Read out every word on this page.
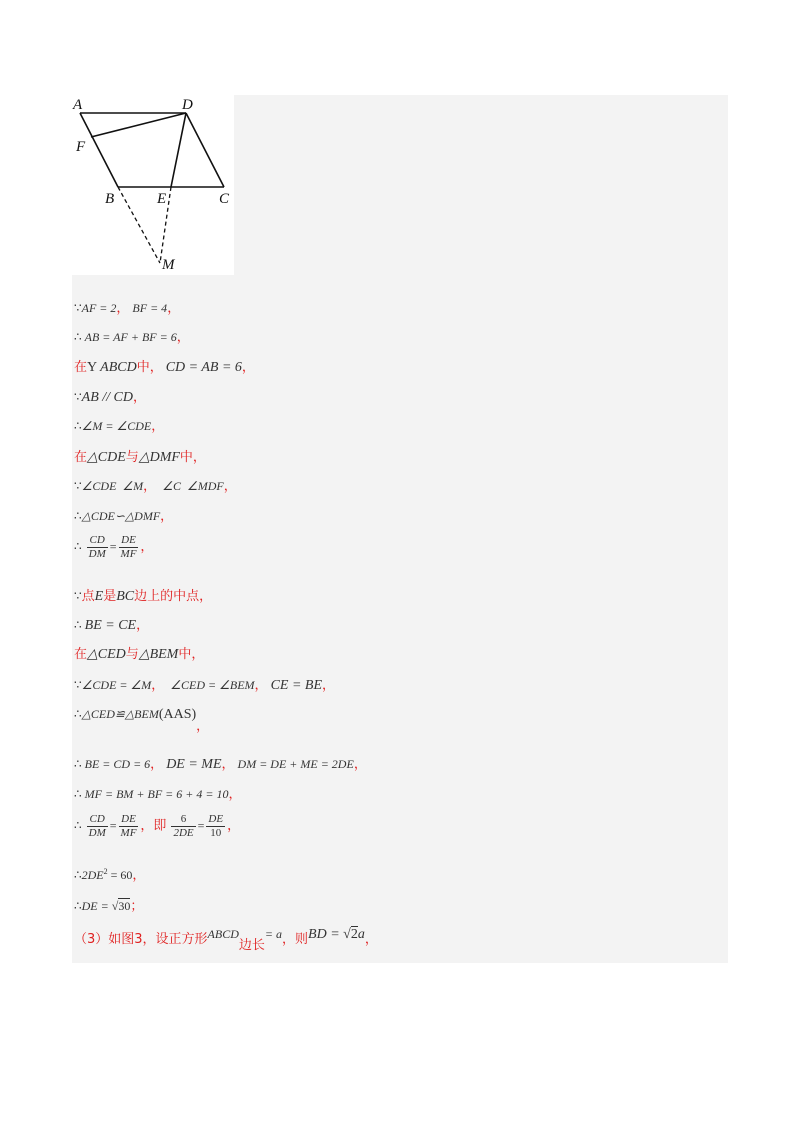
A	D
F
B	E	C
M
∵AF = 2， BF = 4，
∴ AB = AF + BF = 6，
在Y ABCD中， CD = AB = 6，
∵AB // CD，
∴∠M = ∠CDE，
在△CDE与△DMF中，
∵∠CDE ∠M， ∠C ∠MDF，
∴△CDE∽△DMF，
∴ $\frac{CD}{DM} = \frac{DE}{MF}$ ，
∵点E是BC边上的中点，
∴ BE = CE，
在△CED与△BEM中，
∵∠CDE = ∠M， ∠CED = ∠BEM， CE = BE，
∴△CED≌△BEM(AAS)，
∴ BE = CD = 6， DE = ME， DM = DE + ME = 2DE，
∴ MF = BM + BF = 6 + 4 = 10，
∴ $\frac{CD}{DM} = \frac{DE}{MF}$ ，即 $\frac{6}{2DE} = \frac{DE}{10}$ ，
$\therefore 2DE^2 = 60$，
∴DE = √30；
（3）如图3，设正方形ABCD边长= a，则BD = √2a，
